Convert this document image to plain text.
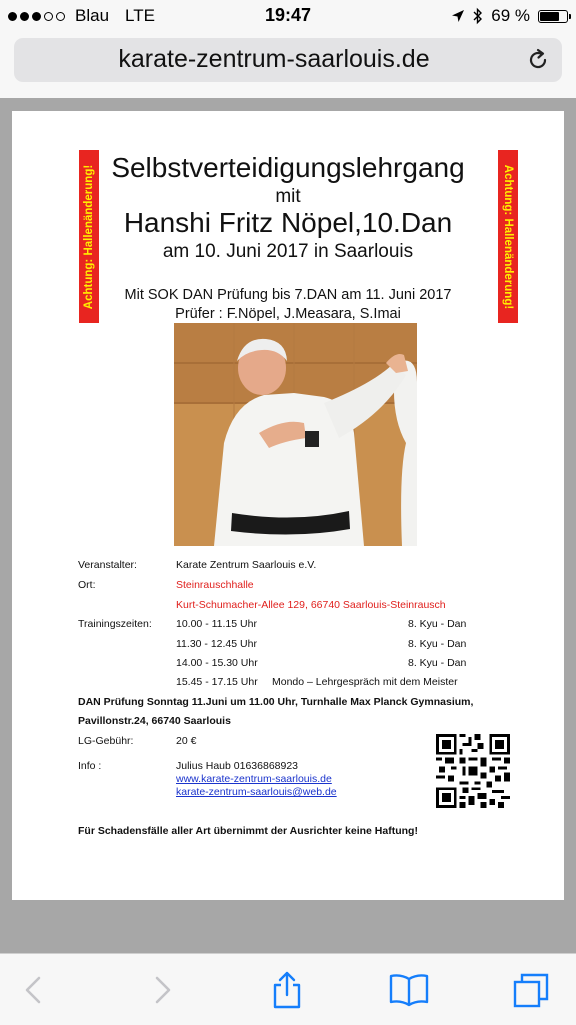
Blau LTE	19:47	69 %
karate-zentrum-saarlouis.de
Achtung: Hallenänderung!	Achtung: Hallenänderung!
Selbstverteidigungslehrgang
mit
Hanshi Fritz Nöpel,10.Dan
am 10. Juni 2017 in Saarlouis
Mit SOK DAN Prüfung bis 7.DAN am 11. Juni 2017
Prüfer : F.Nöpel, J.Measara, S.Imai
Veranstalter:	Karate Zentrum Saarlouis e.V.
Ort:	Steinrauschhalle
Kurt-Schumacher-Allee 129, 66740 Saarlouis-Steinrausch
Trainingszeiten: 10.00 - 11.15 Uhr	8. Kyu - Dan
11.30 - 12.45 Uhr	8. Kyu - Dan
14.00 - 15.30 Uhr	8. Kyu - Dan
15.45 - 17.15 Uhr Mondo – Lehrgespräch mit dem Meister
DAN Prüfung Sonntag 11.Juni um 11.00 Uhr, Turnhalle Max Planck Gymnasium,
Pavillonstr.24, 66740 Saarlouis
LG-Gebühr:	20 €
Info :	Julius Haub 01636868923
www.karate-zentrum-saarlouis.de
karate-zentrum-saarlouis@web.de
Für Schadensfälle aller Art übernimmt der Ausrichter keine Haftung!
